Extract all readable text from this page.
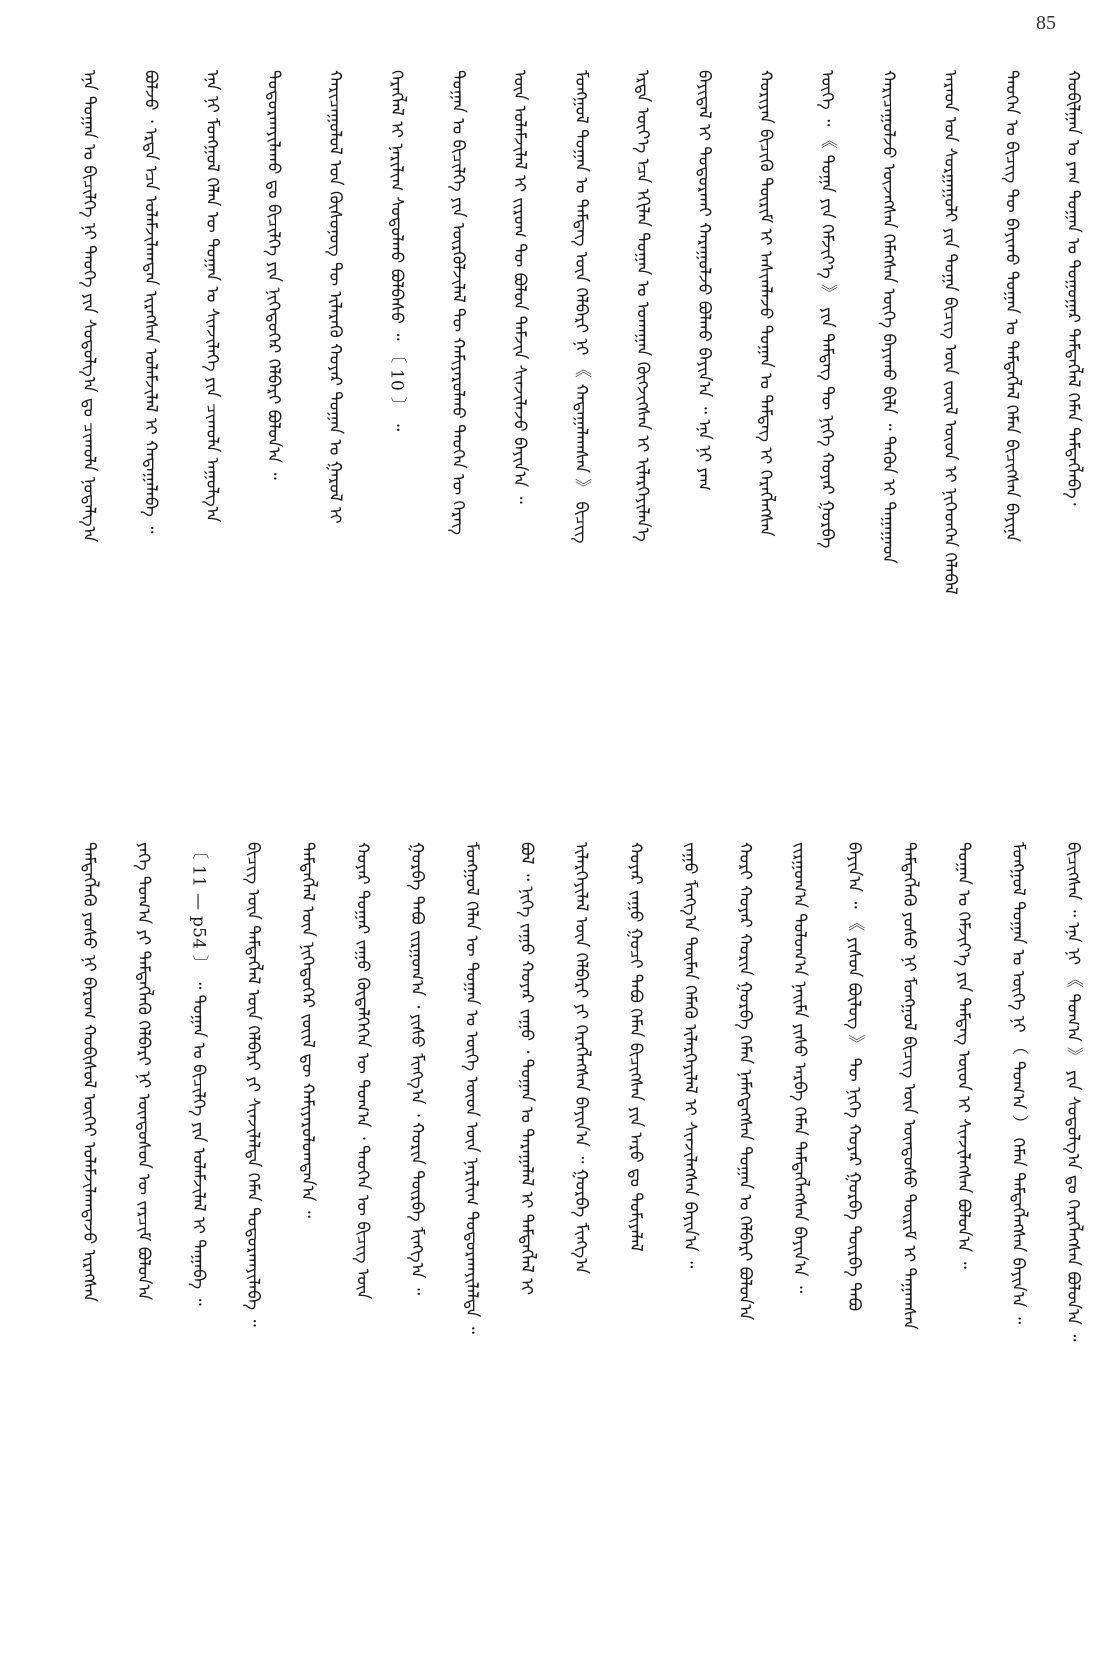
85
ᠬᠤᠪᠢᠯᠭᠠᠨ ᠤ ᠶᠠᠭ ᠲᠣᠭᠠᠨ ᠤ ᠲᠤᠭᠤᠭᠠᠷ ᠲᠡᠮᠳᠡᠭᠯᠡᠯ ᠬᠡᠮᠡᠨ ᠲᠡᠮᠳᠡᠭᠯᠡᠪᠡ᠂
ᠲᠡᠦᠬᠡᠨ ᠤ ᠪᠢᠴᠢᠭ ᠲᠦ ᠪᠠᠶᠢᠬᠤ ᠲᠣᠭᠠᠨ ᠤ ᠲᠡᠮᠳᠡᠭᠯᠡᠯ ᠬᠡᠮᠡᠨ ᠪᠢᠴᠢᠭᠰᠡᠨ ᠪᠠᠶᠢᠨᠠ
ᠠᠷᠠᠳ ᠤᠨ ᠰᠤᠷᠭᠠᠭᠤᠯᠢ ᠶᠢᠨ ᠲᠣᠭᠠ ᠪᠢᠴᠢᠭ ᠦᠨ ᠵᠦᠢᠯ ᠦᠳ ᠢ ᠨᠢᠭᠡᠳᠬᠡᠨ ᠬᠡᠯᠡᠪᠡᠯ
ᠬᠠᠷᠢᠴᠠᠭᠤᠯᠵᠤ ᠦᠵᠡᠭᠰᠡᠨ ᠬᠡᠮᠡᠭᠰᠡᠨ ᠦᠭᠡ ᠪᠠᠶᠢᠬᠤ ᠪᠢᠯᠡ ᠃ ᠲᠡᠭᠦᠨ ᠢ ᠳᠠᠭᠠᠭᠠᠳ
ᠦᠭᠡ ᠃ 《 ᠲᠣᠭᠠ ᠶᠢᠨ ᠬᠡᠮᠵᠢᠶ᠎ᠡ 》 ᠶᠢᠨ ᠲᠡᠮᠳᠡᠭ ᠲᠦ ᠨᠢᠭᠡ ᠬᠣᠶᠠᠷ ᠭᠤᠷᠪᠠ
ᠬᠤᠷᠢᠶᠠᠨ ᠪᠢᠴᠢᠬᠦ ᠳᠦᠷᠢᠮ ᠢ ᠠᠰᠢᠭᠯᠠᠵᠤ ᠲᠣᠭᠠᠨ ᠤ ᠲᠡᠮᠳᠡᠭ ᠢ ᠬᠡᠷᠡᠭᠯᠡᠭᠰᠡᠨ
ᠪᠠᠶᠢᠳᠠᠯ ᠢ ᠲᠣᠳᠣᠷᠬᠠᠶ ᠬᠠᠷᠠᠭᠤᠯᠵᠤ ᠪᠣᠯᠬᠤ ᠪᠠᠶᠢᠨ᠎ᠠ ᠃ ᠡᠨᠡ ᠨᠢ ᠶᠠᠭ
ᠡᠷᠲᠡ ᠦᠶ᠎ᠡ ᠡᠴᠡ ᠡᠬᠢᠯᠡᠨ ᠲᠣᠭᠠᠨ ᠤ ᠤᠬᠠᠭᠠᠨ ᠬᠥᠭᠵᠢᠭᠰᠡᠨ ᠢ ᠢᠯᠡᠷᠬᠡᠶᠢᠯᠡᠨ᠎ᠡ
ᠮᠣᠩᠭᠣᠯ ᠲᠣᠭᠠᠨ ᠤ ᠲᠡᠮᠳᠡᠭ ᠦᠨ ᠬᠡᠯᠪᠡᠷᠢ ᠨᠢ 《 ᠬᠠᠳᠠᠭᠠᠯᠠᠭᠰᠠᠨ 》 ᠪᠢᠴᠢᠭ
ᠦᠨ ᠤᠯᠠᠮᠵᠢᠯᠠᠯ ᠢ ᠵᠢᠷᠤᠭ ᠲᠦ ᠪᠣᠯᠤᠨ ᠳᠡᠮᠵᠢᠨ ᠰᠢᠨᠵᠢᠯᠡᠵᠦ ᠪᠠᠶᠢᠨ᠎ᠠ ᠃
ᠲᠣᠭᠠᠨ ᠤ ᠪᠢᠴᠢᠯᠭᠡ ᠶᠢᠨ ᠦᠷᠭᠦᠯᠵᠢᠯᠡᠯ ᠲᠦ ᠬᠠᠮᠢᠶᠠᠷᠤᠯᠬᠤ ᠲᠡᠦᠬᠡᠨ ᠦ ᠬᠡᠷᠡᠭ
ᠬᠡᠷᠡᠭᠯᠡᠯ ᠢ ᠨᠠᠷᠢᠯᠢᠭ ᠰᠤᠳᠤᠯᠬᠤ ᠪᠣᠯᠪᠠᠰᠤ ᠃ 〔 10 〕 ᠃
ᠬᠠᠷᠢᠴᠠᠭᠤᠯᠤᠯ ᠤᠨ ᠬᠦᠰᠦᠨᠦᠭ ᠲᠦ ᠢᠯᠡᠷᠡᠬᠦ ᠬᠣᠶᠠᠷ ᠲᠣᠭᠠᠨ ᠤ ᠭᠠᠷᠤᠯ ᠢ
ᠲᠣᠳᠣᠷᠬᠠᠶᠢᠯᠠᠬᠤ ᠳᠤ ᠪᠢᠴᠢᠯᠭᠡ ᠶᠢᠨ ᠨᠢᠭᠡᠳᠦᠭᠡᠷ ᠬᠡᠯᠪᠡᠷᠢ ᠪᠣᠯᠤᠨ᠎ᠠ ᠃
ᠡᠨᠡ ᠨᠢ ᠮᠣᠩᠭᠣᠯ ᠬᠡᠯᠡᠨ ᠦ ᠲᠣᠭᠠᠨ ᠤ ᠰᠢᠨᠵᠢᠯᠡᠭᠡ ᠶᠢᠨ ᠴᠢᠬᠤᠯᠠ ᠠᠭᠤᠯᠭ᠎ᠠ
ᠪᠣᠯᠵᠤ ᠂ ᠡᠷᠲᠡ ᠡᠴᠡ ᠤᠯᠠᠮᠵᠢᠯᠠᠭᠳᠠᠨ ᠢᠷᠡᠭᠰᠡᠨ ᠤᠯᠠᠮᠵᠢᠯᠠᠯ ᠢ ᠬᠠᠳᠠᠭᠠᠯᠠᠪᠠ ᠃
ᠡᠨᠡ ᠲᠣᠭᠠᠨ ᠤ ᠪᠢᠴᠢᠯᠭᠡ ᠨᠢ ᠲᠡᠦᠬᠡ ᠶᠢᠨ ᠰᠤᠳᠤᠯᠭ᠎ᠠ ᠳᠤ ᠴᠢᠬᠤᠯᠠ ᠨᠣᠲᠠᠯᠭ᠎ᠠ
ᠪᠢᠴᠢᠭᠰᠡᠨ ᠃ ᠡᠨᠡ ᠨᠢ 《 ᠲᠣᠭ᠎ᠠ 》 ᠶᠢᠨ ᠰᠤᠳᠤᠯᠭ᠎ᠠ ᠳᠤ ᠬᠡᠷᠡᠭᠯᠡᠭᠰᠡᠨ ᠪᠣᠯᠤᠨ᠎ᠠ ᠃
ᠮᠣᠩᠭᠣᠯ ᠲᠣᠭᠠᠨ ᠤ ᠦᠭᠡ ᠨᠢ （ ᠲᠣᠭ᠎ᠠ ） ᠬᠡᠮᠡᠨ ᠲᠡᠮᠳᠡᠭᠯᠡᠭᠰᠡᠨ ᠪᠠᠶᠢᠨ᠎ᠠ ᠃
ᠲᠣᠭᠠᠨ ᠤ ᠬᠡᠮᠵᠢᠶ᠎ᠡ ᠶᠢᠨ ᠲᠡᠮᠳᠡᠭ ᠦᠳ ᠢ ᠰᠢᠨᠵᠢᠯᠡᠭᠰᠡᠨ ᠪᠣᠯᠤᠨ᠎ᠠ ᠃
ᠲᠡᠮᠳᠡᠭᠯᠡᠬᠦ ᠶᠣᠰᠣ ᠨᠢ ᠮᠣᠩᠭᠣᠯ ᠪᠢᠴᠢᠭ ᠦᠨ ᠦᠨᠳᠦᠰᠦ ᠳᠦᠷᠢᠮ ᠢ ᠳᠠᠭᠠᠭᠰᠠᠨ
ᠪᠠᠶᠢᠨ᠎ᠠ ᠃ 《 ᠶᠢᠰᠦᠨ ᠪᠦᠯᠦᠭ 》 ᠲᠦ ᠨᠢᠭᠡ ᠬᠣᠶᠠᠷ ᠭᠤᠷᠪᠠ ᠳᠥᠷᠪᠡ ᠲᠠᠪᠤ
ᠵᠢᠷᠭᠤᠭ᠎ᠠ ᠳᠣᠯᠣᠭ᠎ᠠ ᠨᠠᠢ᠌ᠮᠠ ᠶᠢᠰᠦ ᠠᠷᠪᠠ ᠬᠡᠮᠡᠨ ᠲᠡᠮᠳᠡᠭᠯᠡᠭᠰᠡᠨ ᠪᠠᠶᠢᠨ᠎ᠠ ᠃
ᠬᠣᠷᠢ ᠬᠣᠶᠠᠷ ᠬᠣᠷᠢᠨ ᠭᠤᠷᠪᠠ ᠬᠡᠮᠡᠨ ᠨᠡᠮᠡᠭᠳᠡᠭᠰᠡᠨ ᠲᠣᠭᠠᠨ ᠤ ᠬᠡᠯᠪᠡᠷᠢ ᠪᠣᠯᠤᠨ᠎ᠠ
ᠵᠠᠭᠤ ᠮᠢᠩᠭ᠎ᠠ ᠲᠦᠮᠡᠨ ᠬᠡᠮᠡᠬᠦ ᠢᠯᠡᠷᠬᠡᠶᠢᠯᠡᠯ ᠢ ᠰᠢᠨᠵᠢᠯᠡᠭᠰᠡᠨ ᠪᠠᠶᠢᠨ᠎ᠠ ᠃
ᠬᠣᠶᠠᠷ ᠵᠠᠭᠤ ᠭᠤᠴᠢ ᠲᠠᠪᠤ ᠬᠡᠮᠡᠨ ᠪᠢᠴᠢᠭᠰᠡᠨ ᠶᠢᠨ ᠠᠷᠤ ᠳᠤ ᠲᠣᠮᠢᠶᠠᠯᠠᠯ
ᠢᠯᠡᠷᠬᠡᠶᠢᠯᠡᠯ ᠦᠨ ᠬᠡᠯᠪᠡᠷᠢ ᠶᠢ ᠬᠡᠷᠡᠭᠯᠡᠭᠰᠡᠨ ᠪᠠᠶᠢᠨ᠎ᠠ ᠃ ᠭᠤᠷᠪᠠ ᠮᠢᠩᠭ᠎ᠠ
ᠪᠣᠯ ᠃ ᠨᠢᠭᠡ ᠵᠠᠭᠤ ᠬᠣᠶᠠᠷ ᠵᠠᠭᠤ ᠂ ᠲᠣᠭᠠᠨ ᠤ ᠳᠠᠷᠠᠭᠠᠯᠠᠯ ᠢ ᠲᠡᠮᠳᠡᠭᠯᠡᠯ ᠢ
ᠮᠣᠩᠭᠣᠯ ᠬᠡᠯᠡᠨ ᠦ ᠲᠣᠭᠠᠨ ᠤ ᠦᠭᠡ ᠦᠳ ᠦᠨ ᠨᠠᠷᠢᠯᠢᠭ ᠲᠣᠳᠣᠷᠬᠠᠶᠢᠯᠠᠯᠲᠠ ᠃
ᠭᠤᠷᠪᠠ ᠲᠠᠪᠤ ᠵᠢᠷᠭᠤᠭ᠎ᠠ ᠂ ᠶᠢᠰᠦ ᠮᠢᠩᠭ᠎ᠠ ᠂ ᠬᠣᠷᠢᠨ ᠳᠥᠷᠪᠡ ᠮᠢᠩᠭ᠎ᠠ ᠃
ᠬᠣᠶᠠᠷ ᠳᠤᠭᠠᠷ ᠵᠠᠭᠤ ᠬᠥᠳᠡᠯᠭᠡᠭᠡᠨ ᠦ ᠲᠣᠭ᠎ᠠ ᠂ ᠲᠡᠦᠬᠡᠨ ᠦ ᠪᠢᠴᠢᠭ ᠦᠨ
ᠲᠡᠮᠳᠡᠭᠯᠡᠯ ᠦᠨ ᠨᠢᠭᠡᠳᠦᠭᠡᠷ ᠵᠦᠢᠯ ᠳᠦ ᠬᠠᠮᠢᠶᠠᠷᠤᠯᠤᠭᠳᠠᠨ᠎ᠠ ᠃
ᠪᠢᠴᠢᠭ ᠦᠨ ᠲᠡᠮᠳᠡᠭᠯᠡᠯ ᠦᠨ ᠬᠡᠯᠪᠡᠷᠢ ᠶᠢ ᠰᠢᠨᠵᠢᠯᠡᠯᠲᠡ ᠬᠡᠮᠡᠨ ᠲᠣᠳᠣᠷᠬᠠᠶᠢᠯᠠᠪᠠ ᠃
〔 11 — p54 〕 ᠃ ᠲᠣᠭᠠᠨ ᠤ ᠪᠢᠴᠢᠯᠭᠡ ᠶᠢᠨ ᠤᠯᠠᠮᠵᠢᠯᠠᠯ ᠢ ᠳᠠᠭᠠᠪᠠ ᠃
ᠶᠡᠬᠡ ᠲᠣᠭ᠎ᠠ ᠶᠢ ᠲᠡᠮᠳᠡᠭᠯᠡᠬᠦ ᠬᠡᠯᠪᠡᠷᠢ ᠨᠢ ᠦᠨᠳᠦᠰᠦᠨ ᠦ ᠵᠠᠷᠴᠢᠮ ᠪᠣᠯᠤᠨ᠎ᠠ
ᠲᠡᠮᠳᠡᠭᠯᠡᠬᠦ ᠶᠣᠰᠣ ᠨᠢ ᠪᠠᠷᠤᠭ ᠬᠤᠪᠢᠰᠤᠯ ᠦᠭᠡᠢ ᠤᠯᠠᠮᠵᠢᠯᠠᠭᠳᠠᠵᠤ ᠢᠷᠡᠭᠰᠡᠨ
